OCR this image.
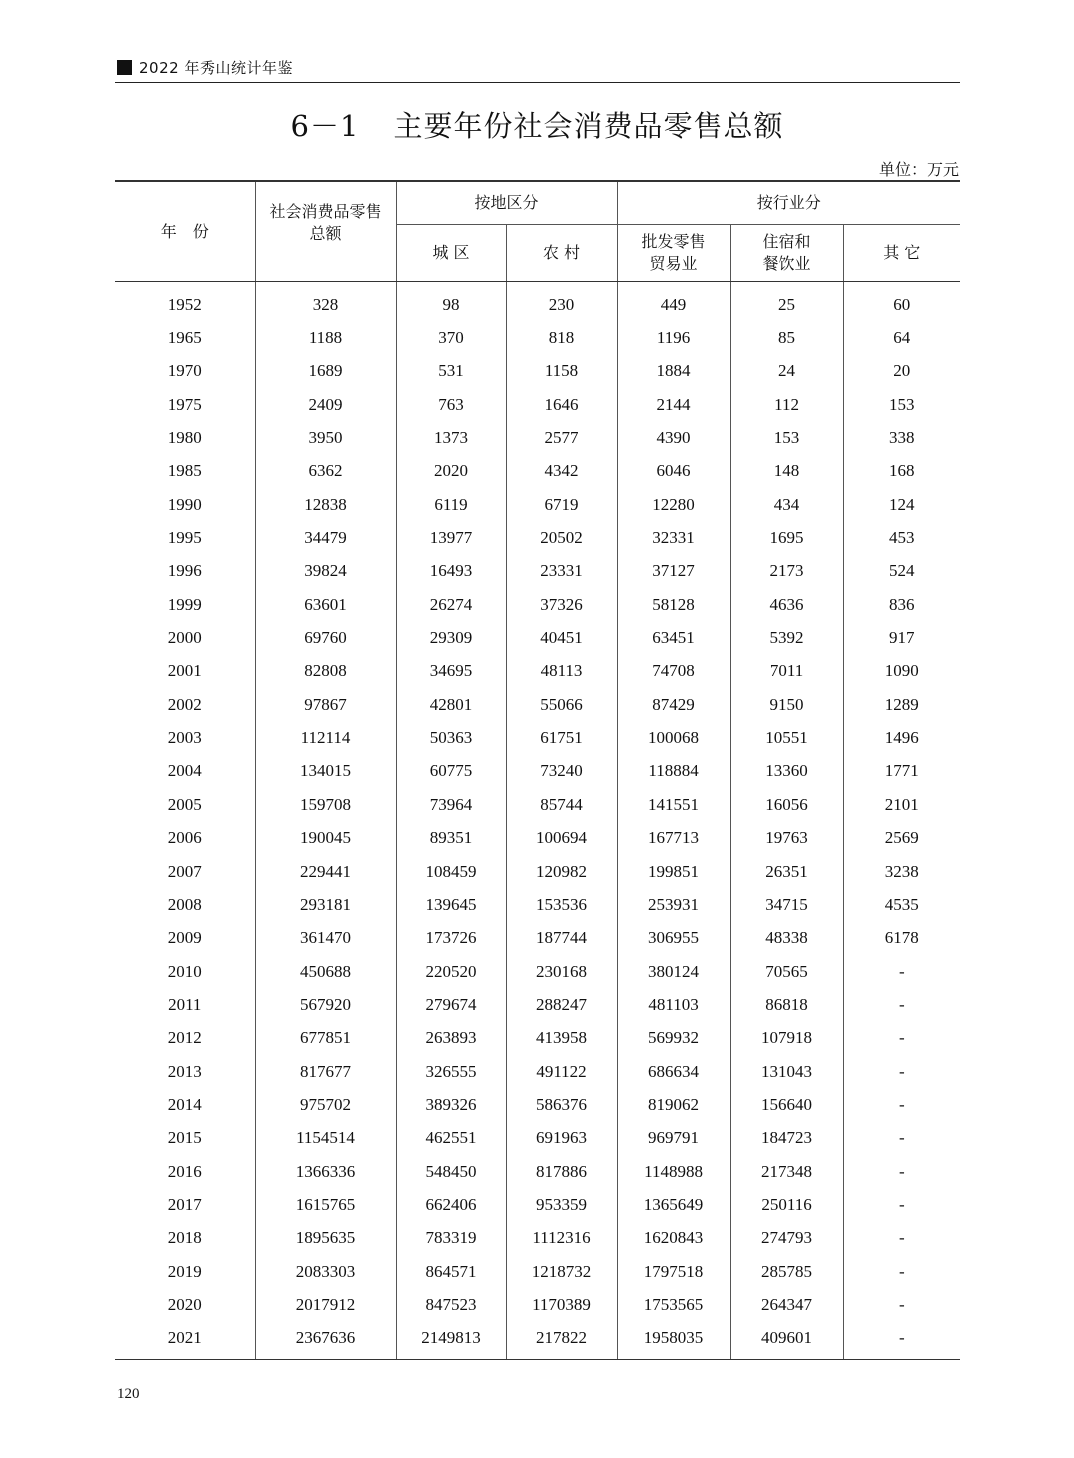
2022 年秀山统计年鉴
6－1 主要年份社会消费品零售总额
单位：万元
年　份	社会消费品零售总额	按地区分		按行业分		
		城 区	农 村	批发零售贸易业	住宿和餐饮业	其 它
1952	328	98	230	449	25	60
1965	1188	370	818	1196	85	64
1970	1689	531	1158	1884	24	20
1975	2409	763	1646	2144	112	153
1980	3950	1373	2577	4390	153	338
1985	6362	2020	4342	6046	148	168
1990	12838	6119	6719	12280	434	124
1995	34479	13977	20502	32331	1695	453
1996	39824	16493	23331	37127	2173	524
1999	63601	26274	37326	58128	4636	836
2000	69760	29309	40451	63451	5392	917
2001	82808	34695	48113	74708	7011	1090
2002	97867	42801	55066	87429	9150	1289
2003	112114	50363	61751	100068	10551	1496
2004	134015	60775	73240	118884	13360	1771
2005	159708	73964	85744	141551	16056	2101
2006	190045	89351	100694	167713	19763	2569
2007	229441	108459	120982	199851	26351	3238
2008	293181	139645	153536	253931	34715	4535
2009	361470	173726	187744	306955	48338	6178
2010	450688	220520	230168	380124	70565	-
2011	567920	279674	288247	481103	86818	-
2012	677851	263893	413958	569932	107918	-
2013	817677	326555	491122	686634	131043	-
2014	975702	389326	586376	819062	156640	-
2015	1154514	462551	691963	969791	184723	-
2016	1366336	548450	817886	1148988	217348	-
2017	1615765	662406	953359	1365649	250116	-
2018	1895635	783319	1112316	1620843	274793	-
2019	2083303	864571	1218732	1797518	285785	-
2020	2017912	847523	1170389	1753565	264347	-
2021	2367636	2149813	217822	1958035	409601	-
120
